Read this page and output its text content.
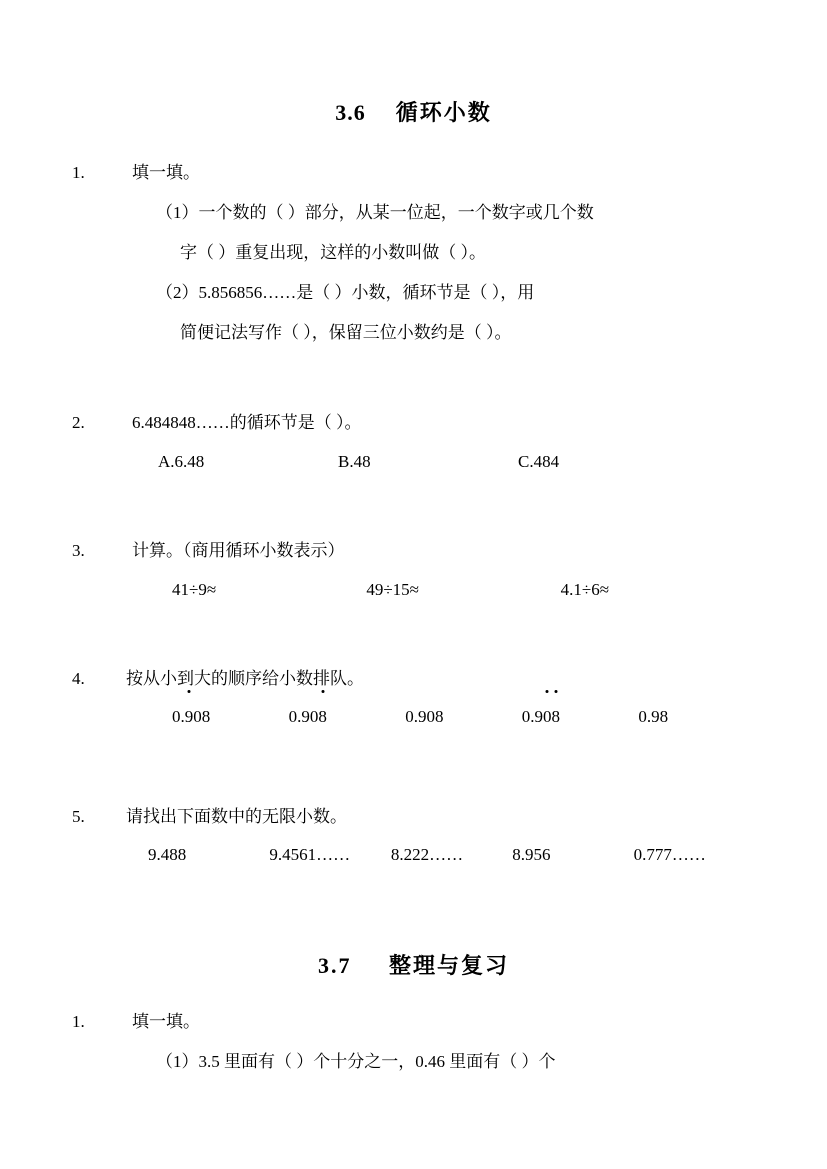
3.6 循环小数
1.	填一填。
（1）一个数的（ ）部分，从某一位起，一个数字或几个数
字（ ）重复出现，这样的小数叫做（ ）。
（2）5.856856……是（ ）小数，循环节是（ ），用
简便记法写作（ ），保留三位小数约是（ ）。
2.	6.484848……的循环节是（ ）。
A.6.48	B.48	C.484
3.	计算。（商用循环小数表示）
41÷9≈	49÷15≈	4.1÷6≈
4.	按从小到大的顺序给小数排队。
0.9
08	0.908	0.908	0.90
8	0.98
5.	请找出下面数中的无限小数。
9.488	9.4561……	8.222……	8.956	0.777……
3.7 整理与复习
1.	填一填。
（1）3.5 里面有（ ）个十分之一，0.46 里面有（ ）个
